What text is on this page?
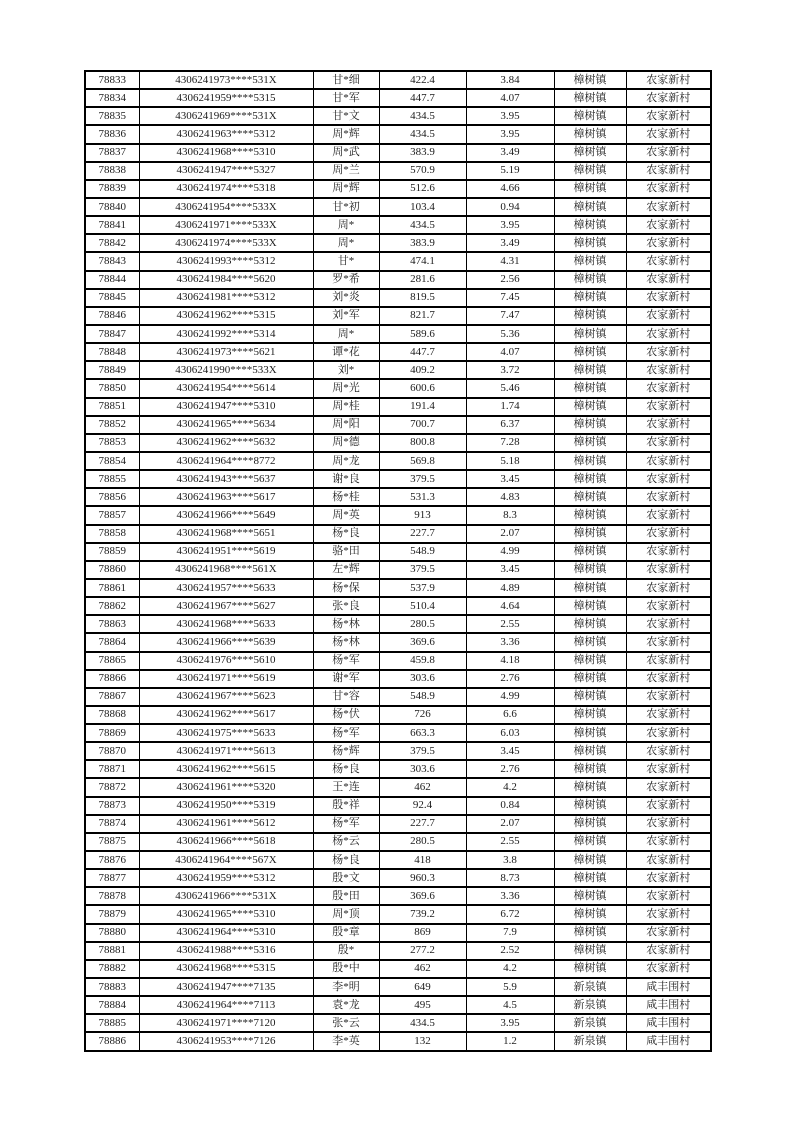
78833	4306241973****531X	甘*细	422.4	3.84	樟树镇	农家新村
78834	4306241959****5315	甘*军	447.7	4.07	樟树镇	农家新村
78835	4306241969****531X	甘*文	434.5	3.95	樟树镇	农家新村
78836	4306241963****5312	周*辉	434.5	3.95	樟树镇	农家新村
78837	4306241968****5310	周*武	383.9	3.49	樟树镇	农家新村
78838	4306241947****5327	周*兰	570.9	5.19	樟树镇	农家新村
78839	4306241974****5318	周*辉	512.6	4.66	樟树镇	农家新村
78840	4306241954****533X	甘*初	103.4	0.94	樟树镇	农家新村
78841	4306241971****533X	周*	434.5	3.95	樟树镇	农家新村
78842	4306241974****533X	周*	383.9	3.49	樟树镇	农家新村
78843	4306241993****5312	甘*	474.1	4.31	樟树镇	农家新村
78844	4306241984****5620	罗*希	281.6	2.56	樟树镇	农家新村
78845	4306241981****5312	刘*炎	819.5	7.45	樟树镇	农家新村
78846	4306241962****5315	刘*军	821.7	7.47	樟树镇	农家新村
78847	4306241992****5314	周*	589.6	5.36	樟树镇	农家新村
78848	4306241973****5621	谭*花	447.7	4.07	樟树镇	农家新村
78849	4306241990****533X	刘*	409.2	3.72	樟树镇	农家新村
78850	4306241954****5614	周*光	600.6	5.46	樟树镇	农家新村
78851	4306241947****5310	周*桂	191.4	1.74	樟树镇	农家新村
78852	4306241965****5634	周*阳	700.7	6.37	樟树镇	农家新村
78853	4306241962****5632	周*德	800.8	7.28	樟树镇	农家新村
78854	4306241964****8772	周*龙	569.8	5.18	樟树镇	农家新村
78855	4306241943****5637	谢*良	379.5	3.45	樟树镇	农家新村
78856	4306241963****5617	杨*桂	531.3	4.83	樟树镇	农家新村
78857	4306241966****5649	周*英	913	8.3	樟树镇	农家新村
78858	4306241968****5651	杨*良	227.7	2.07	樟树镇	农家新村
78859	4306241951****5619	骆*田	548.9	4.99	樟树镇	农家新村
78860	4306241968****561X	左*辉	379.5	3.45	樟树镇	农家新村
78861	4306241957****5633	杨*保	537.9	4.89	樟树镇	农家新村
78862	4306241967****5627	张*良	510.4	4.64	樟树镇	农家新村
78863	4306241968****5633	杨*林	280.5	2.55	樟树镇	农家新村
78864	4306241966****5639	杨*林	369.6	3.36	樟树镇	农家新村
78865	4306241976****5610	杨*军	459.8	4.18	樟树镇	农家新村
78866	4306241971****5619	谢*军	303.6	2.76	樟树镇	农家新村
78867	4306241967****5623	甘*容	548.9	4.99	樟树镇	农家新村
78868	4306241962****5617	杨*伏	726	6.6	樟树镇	农家新村
78869	4306241975****5633	杨*军	663.3	6.03	樟树镇	农家新村
78870	4306241971****5613	杨*辉	379.5	3.45	樟树镇	农家新村
78871	4306241962****5615	杨*良	303.6	2.76	樟树镇	农家新村
78872	4306241961****5320	王*连	462	4.2	樟树镇	农家新村
78873	4306241950****5319	殷*祥	92.4	0.84	樟树镇	农家新村
78874	4306241961****5612	杨*军	227.7	2.07	樟树镇	农家新村
78875	4306241966****5618	杨*云	280.5	2.55	樟树镇	农家新村
78876	4306241964****567X	杨*良	418	3.8	樟树镇	农家新村
78877	4306241959****5312	殷*文	960.3	8.73	樟树镇	农家新村
78878	4306241966****531X	殷*田	369.6	3.36	樟树镇	农家新村
78879	4306241965****5310	周*顶	739.2	6.72	樟树镇	农家新村
78880	4306241964****5310	殷*章	869	7.9	樟树镇	农家新村
78881	4306241988****5316	殷*	277.2	2.52	樟树镇	农家新村
78882	4306241968****5315	殷*中	462	4.2	樟树镇	农家新村
78883	4306241947****7135	李*明	649	5.9	新泉镇	咸丰围村
78884	4306241964****7113	袁*龙	495	4.5	新泉镇	咸丰围村
78885	4306241971****7120	张*云	434.5	3.95	新泉镇	咸丰围村
78886	4306241953****7126	李*英	132	1.2	新泉镇	咸丰围村
